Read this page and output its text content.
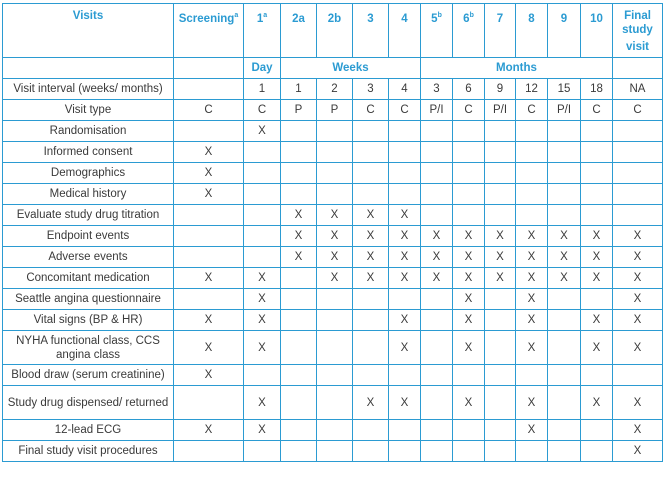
Visits	Screening$^a$	1$^a$	2a	2b	3	4	5$^b$	6$^b$	7	8	9	10	Final study visit
		Day	Weeks				Months						
Visit interval (weeks/ months)		1	1	2	3	4	3	6	9	12	15	18	NA
Visit type	C	C	P	P	C	C	P/I	C	P/I	C	P/I	C	C
Randomisation		X											
Informed consent	X												
Demographics	X												
Medical history	X												
Evaluate study drug titration			X	X	X	X							
Endpoint events			X	X	X	X	X	X	X	X	X	X	X
Adverse events			X	X	X	X	X	X	X	X	X	X	X
Concomitant medication	X	X		X	X	X	X	X	X	X	X	X	X
Seattle angina questionnaire		X						X		X			X
Vital signs (BP & HR)	X	X				X		X		X		X	X
NYHA functional class, CCS angina class	X	X				X		X		X		X	X
Blood draw (serum creatinine)	X												
Study drug dispensed/ returned		X			X	X		X		X		X	X
12-lead ECG	X	X								X			X
Final study visit procedures													X
